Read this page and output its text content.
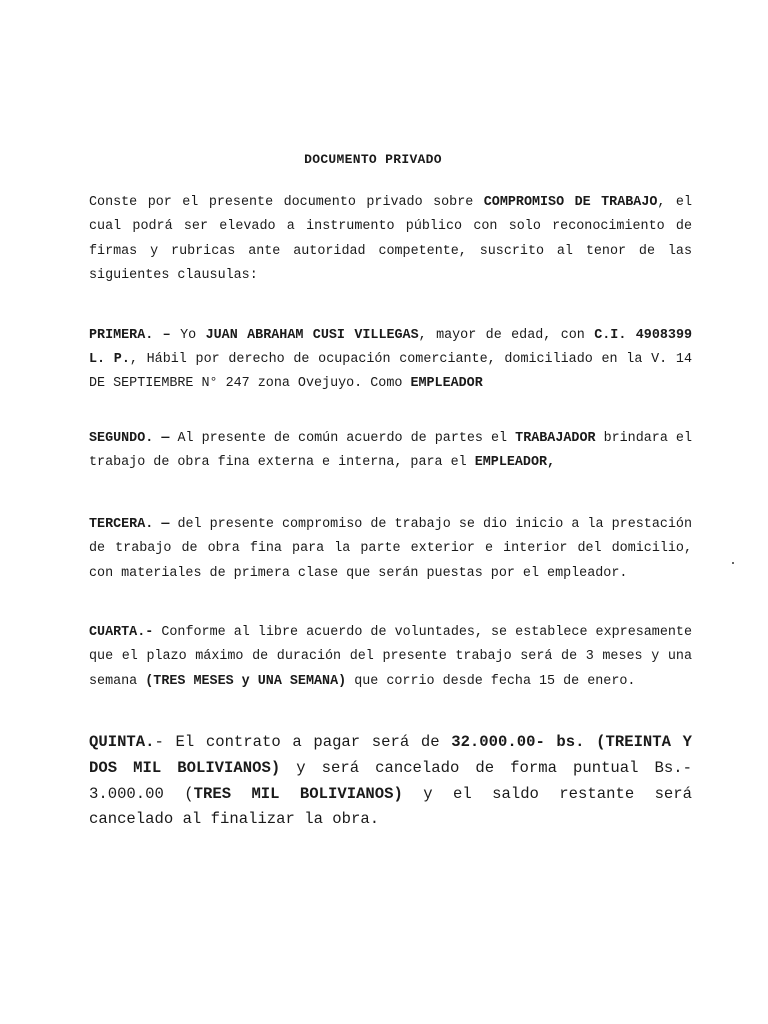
DOCUMENTO PRIVADO

Conste por el presente documento privado sobre COMPROMISO DE TRABAJO, el cual podrá ser elevado a instrumento público con solo reconocimiento de firmas y rubricas ante autoridad competente, suscrito al tenor de las siguientes clausulas:

PRIMERA. – Yo JUAN ABRAHAM CUSI VILLEGAS, mayor de edad, con C.I. 4908399 L. P., Hábil por derecho de ocupación comerciante, domiciliado en la V. 14 DE SEPTIEMBRE N° 247 zona Ovejuyo. Como EMPLEADOR

SEGUNDO. — Al presente de común acuerdo de partes el TRABAJADOR brindara el trabajo de obra fina externa e interna, para el EMPLEADOR,

TERCERA. — del presente compromiso de trabajo se dio inicio a la prestación de trabajo de obra fina para la parte exterior e interior del domicilio, con materiales de primera clase que serán puestas por el empleador.

CUARTA.- Conforme al libre acuerdo de voluntades, se establece expresamente que el plazo máximo de duración del presente trabajo será de 3 meses y una semana (TRES MESES y UNA SEMANA) que corrio desde fecha 15 de enero.

QUINTA.- El contrato a pagar será de 32.000.00- bs. (TREINTA Y DOS MIL BOLIVIANOS) y será cancelado de forma puntual Bs.- 3.000.00 (TRES MIL BOLIVIANOS) y el saldo restante será cancelado al finalizar la obra.
